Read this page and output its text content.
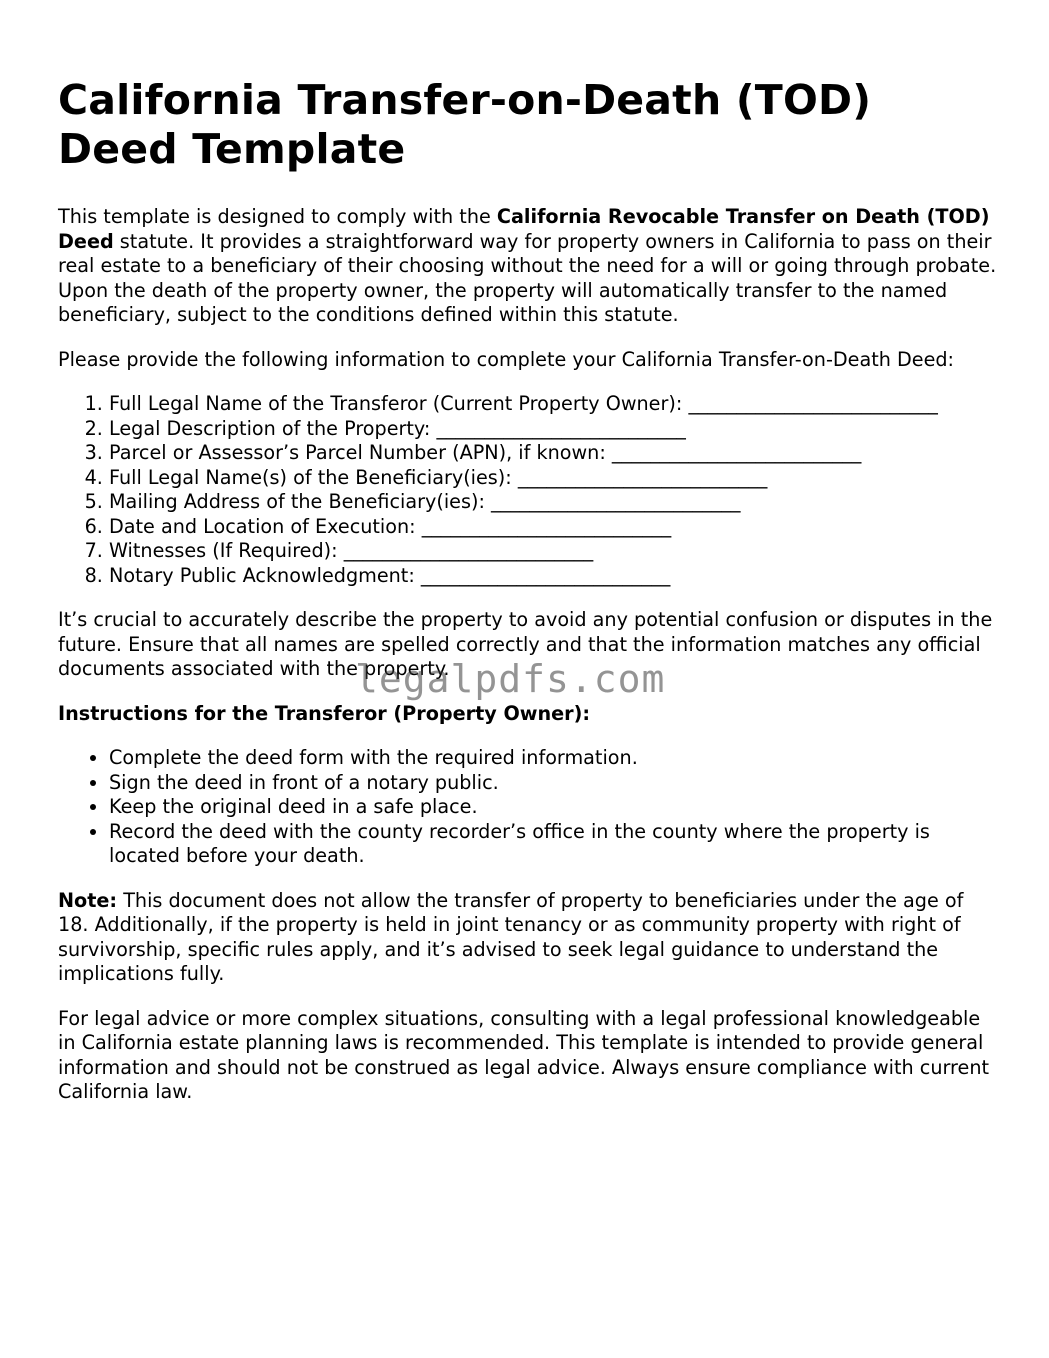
California Transfer-on-Death (TOD) Deed Template

This template is designed to comply with the California Revocable Transfer on Death (TOD) Deed statute. It provides a straightforward way for property owners in California to pass on their real estate to a beneficiary of their choosing without the need for a will or going through probate. Upon the death of the property owner, the property will automatically transfer to the named beneficiary, subject to the conditions defined within this statute.

Please provide the following information to complete your California Transfer-on-Death Deed:

1. Full Legal Name of the Transferor (Current Property Owner): __________________________
2. Legal Description of the Property: __________________________
3. Parcel or Assessor’s Parcel Number (APN), if known: __________________________
4. Full Legal Name(s) of the Beneficiary(ies): __________________________
5. Mailing Address of the Beneficiary(ies): __________________________
6. Date and Location of Execution: __________________________
7. Witnesses (If Required): __________________________
8. Notary Public Acknowledgment: __________________________

It’s crucial to accurately describe the property to avoid any potential confusion or disputes in the future. Ensure that all names are spelled correctly and that the information matches any official documents associated with the property.

Instructions for the Transferor (Property Owner):

• Complete the deed form with the required information.
• Sign the deed in front of a notary public.
• Keep the original deed in a safe place.
• Record the deed with the county recorder’s office in the county where the property is located before your death.

Note: This document does not allow the transfer of property to beneficiaries under the age of 18. Additionally, if the property is held in joint tenancy or as community property with right of survivorship, specific rules apply, and it’s advised to seek legal guidance to understand the implications fully.

For legal advice or more complex situations, consulting with a legal professional knowledgeable in California estate planning laws is recommended. This template is intended to provide general information and should not be construed as legal advice. Always ensure compliance with current California law.

legalpdfs.com
